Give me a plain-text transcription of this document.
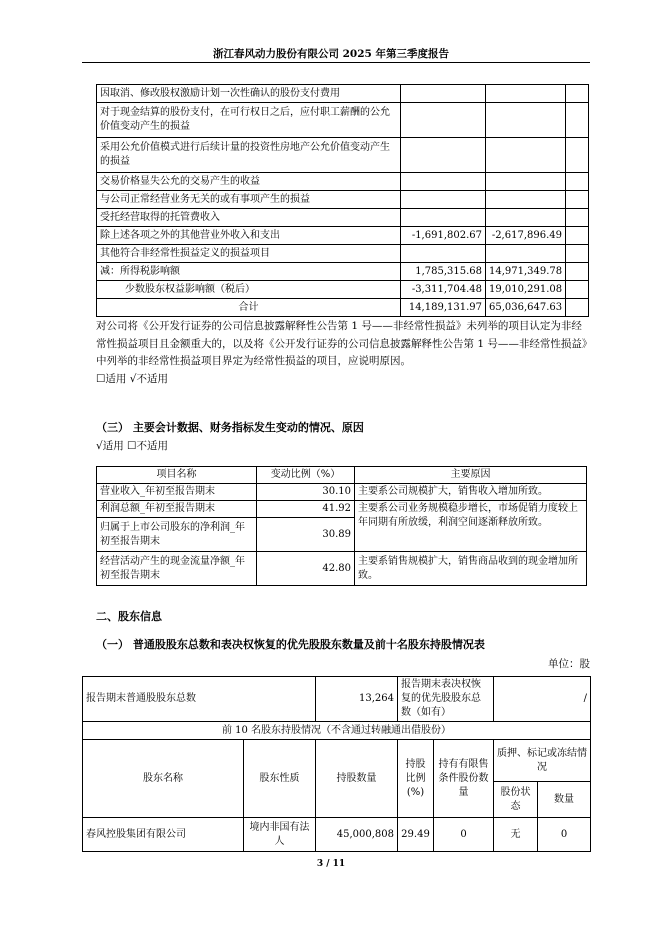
浙江春风动力股份有限公司 2025 年第三季度报告
因取消、修改股权激励计划一次性确认的股份支付费用			
对于现金结算的股份支付，在可行权日之后，应付职工薪酬的公允价值变动产生的损益			
采用公允价值模式进行后续计量的投资性房地产公允价值变动产生的损益			
交易价格显失公允的交易产生的收益			
与公司正常经营业务无关的或有事项产生的损益			
受托经营取得的托管费收入			
除上述各项之外的其他营业外收入和支出	-1,691,802.67	-2,617,896.49	
其他符合非经常性损益定义的损益项目			
减：所得税影响额	1,785,315.68	14,971,349.78	
少数股东权益影响额（税后）	-3,311,704.48	19,010,291.08	
合计	14,189,131.97	65,036,647.63	
对公司将《公开发行证券的公司信息披露解释性公告第 1 号——非经常性损益》未列举的项目认定为非经常性损益项目且金额重大的，以及将《公开发行证券的公司信息披露解释性公告第 1 号——非经常性损益》中列举的非经常性损益项目界定为经常性损益的项目，应说明原因。
☐适用 √不适用
（三） 主要会计数据、财务指标发生变动的情况、原因
√适用 ☐不适用
项目名称	变动比例（%）	主要原因
营业收入_年初至报告期末	30.10	主要系公司规模扩大，销售收入增加所致。
利润总额_年初至报告期末	41.92	主要系公司业务规模稳步增长，市场促销力度较上年同期有所放缓，利润空间逐渐释放所致。
归属于上市公司股东的净利润_年初至报告期末	30.89	
经营活动产生的现金流量净额_年初至报告期末	42.80	主要系销售规模扩大，销售商品收到的现金增加所致。
二、股东信息
（一） 普通股股东总数和表决权恢复的优先股股东数量及前十名股东持股情况表
单位：股
报告期末普通股股东总数		13,264	报告期末表决权恢复的优先股股东总数（如有）		/	
前 10 名股东持股情况（不含通过转融通出借股份）						
股东名称	股东性质	持股数量	持股比例(%)	持有有限售条件股份数量	质押、标记或冻结情况	
					股份状态	数量
春风控股集团有限公司	境内非国有法人	45,000,808	29.49	0	无	0
3 / 11
